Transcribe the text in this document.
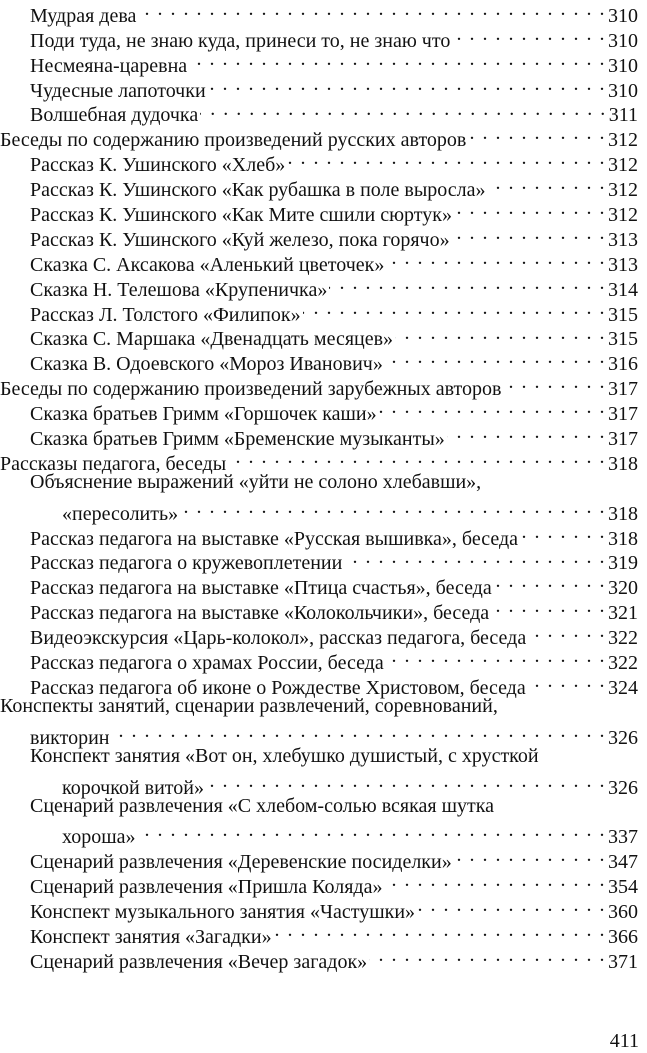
Мудрая дева . . .	310
Поди туда, не знаю куда, принеси то, не знаю что . . .	310
Несмеяна-царевна . . .	310
Чудесные лапоточки . . .	310
Волшебная дудочка . . .	311
Беседы по содержанию произведений русских авторов . . .	312
Рассказ К. Ушинского «Хлеб» . . .	312
Рассказ К. Ушинского «Как рубашка в поле выросла» . . .	312
Рассказ К. Ушинского «Как Мите сшили сюртук» . . .	312
Рассказ К. Ушинского «Куй железо, пока горячо» . . .	313
Сказка С. Аксакова «Аленький цветочек» . . .	313
Сказка Н. Телешова «Крупеничка» . . .	314
Рассказ Л. Толстого «Филипок» . . .	315
Сказка С. Маршака «Двенадцать месяцев» . . .	315
Сказка В. Одоевского «Мороз Иванович» . . .	316
Беседы по содержанию произведений зарубежных авторов . . .	317
Сказка братьев Гримм «Горшочек каши» . . .	317
Сказка братьев Гримм «Бременские музыканты» . . .	317
Рассказы педагога, беседы . . .	318
Объяснение выражений «уйти не солоно хлебавши»,
«пересолить» . . .	318
Рассказ педагога на выставке «Русская вышивка», беседа . . .	318
Рассказ педагога о кружевоплетении . . .	319
Рассказ педагога на выставке «Птица счастья», беседа . . .	320
Рассказ педагога на выставке «Колокольчики», беседа . . .	321
Видеоэкскурсия «Царь-колокол», рассказ педагога, беседа . . .	322
Рассказ педагога о храмах России, беседа . . .	322
Рассказ педагога об иконе о Рождестве Христовом, беседа . . .	324
Конспекты занятий, сценарии развлечений, соревнований,
викторин . . .	326
Конспект занятия «Вот он, хлебушко душистый, с хрусткой
корочкой витой» . . .	326
Сценарий развлечения «С хлебом-солью всякая шутка
хороша» . . .	337
Сценарий развлечения «Деревенские посиделки» . . .	347
Сценарий развлечения «Пришла Коляда» . . .	354
Конспект музыкального занятия «Частушки» . . .	360
Конспект занятия «Загадки» . . .	366
Сценарий развлечения «Вечер загадок» . . .	371
411
